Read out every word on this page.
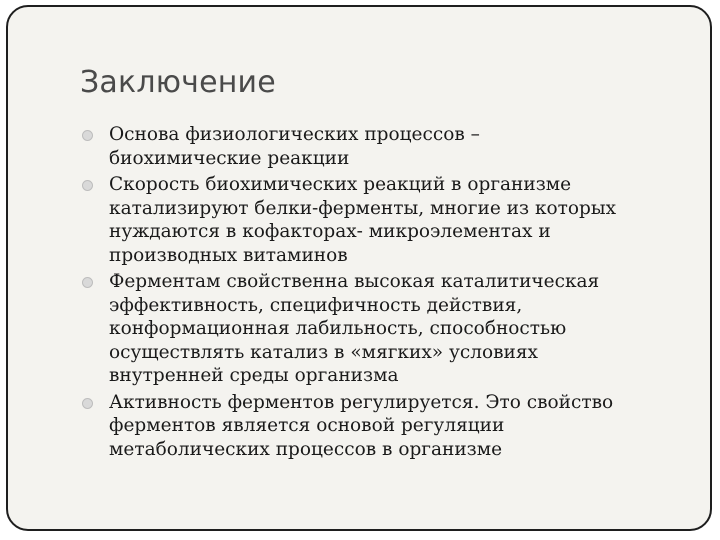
Заключение
Основа физиологических процессов –
биохимические реакции
Скорость биохимических реакций в организме
катализируют белки-ферменты, многие из которых
нуждаются в кофакторах- микроэлементах и
производных витаминов
Ферментам свойственна высокая каталитическая
эффективность, специфичность действия,
конформационная лабильность, способностью
осуществлять катализ в «мягких» условиях
внутренней среды организма
Активность ферментов регулируется. Это свойство
ферментов является основой регуляции
метаболических процессов в организме
